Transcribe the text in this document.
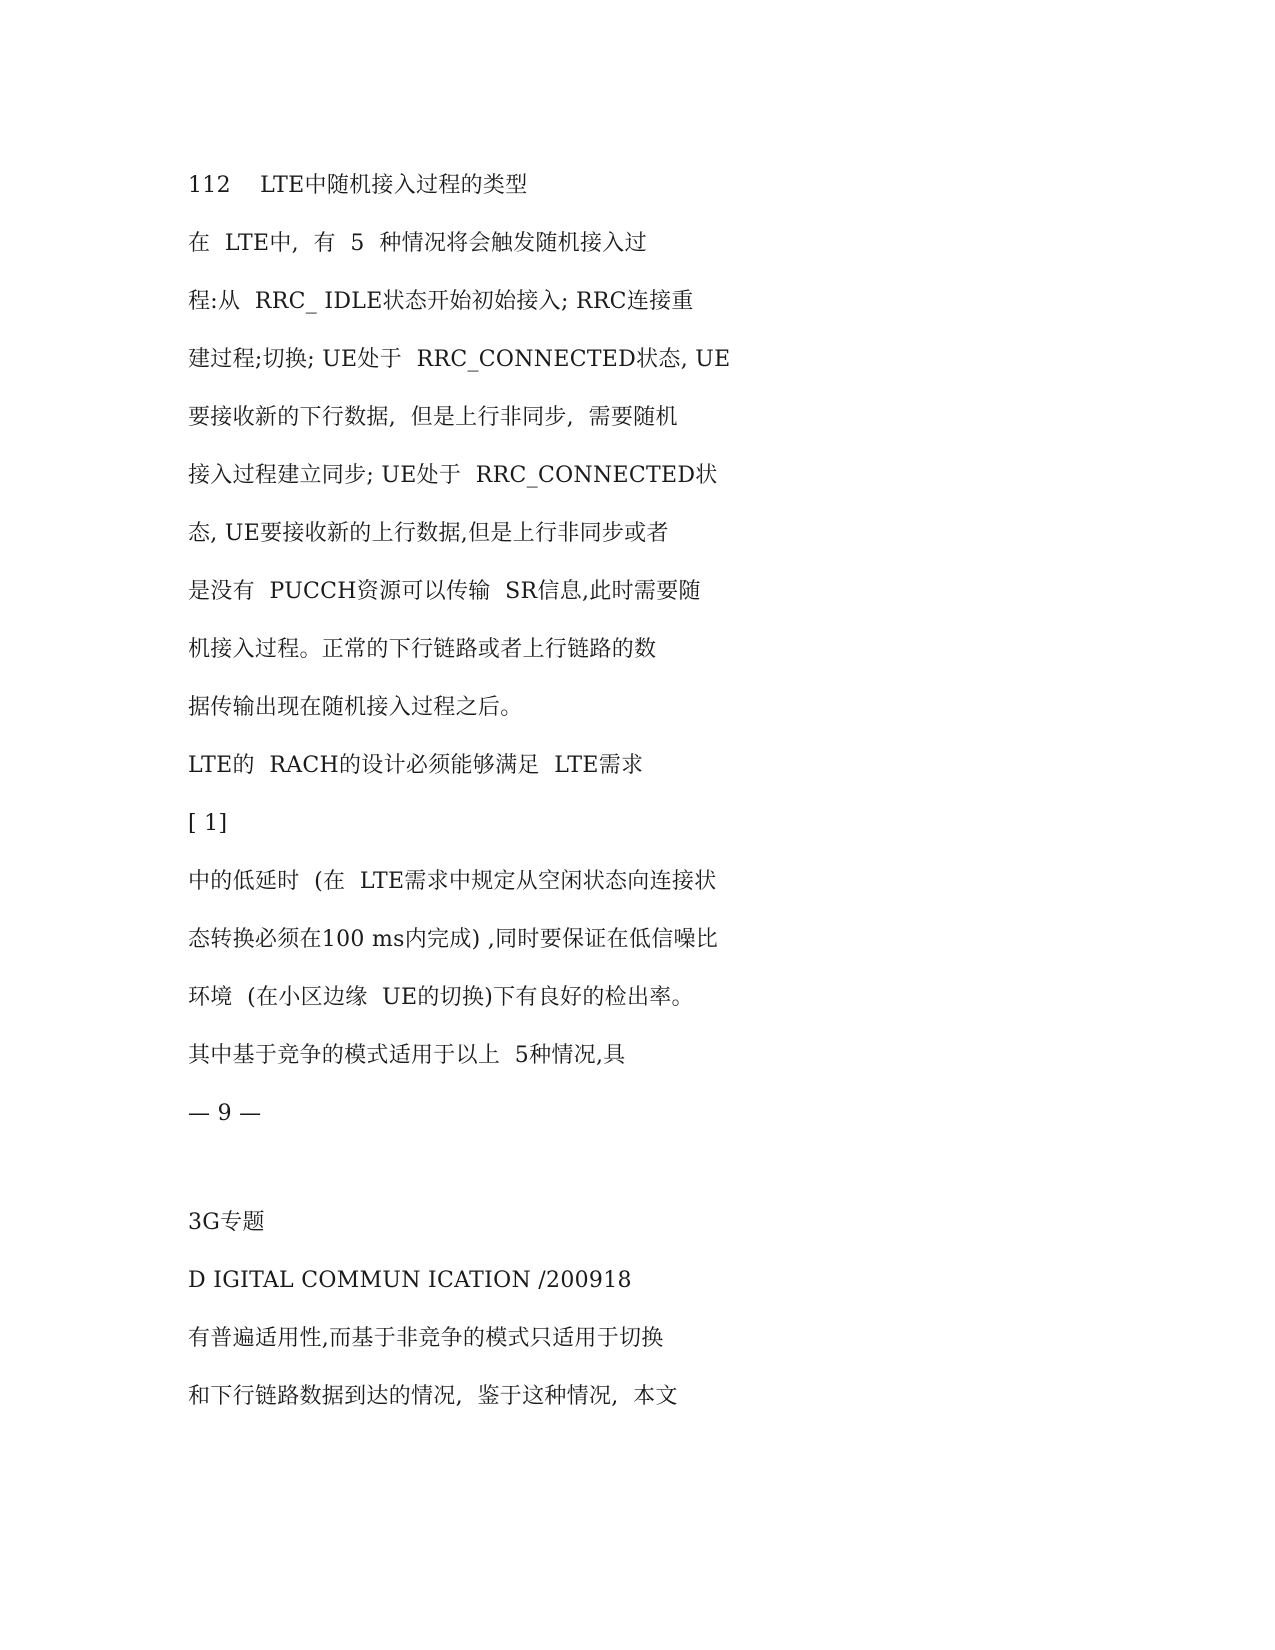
112    LTE中随机接入过程的类型
在  LTE中,  有  5  种情况将会触发随机接入过
程:从  RRC_ IDLE状态开始初始接入; RRC连接重
建过程;切换; UE处于  RRC_CONNECTED状态, UE
要接收新的下行数据,  但是上行非同步,  需要随机
接入过程建立同步; UE处于  RRC_CONNECTED状
态, UE要接收新的上行数据,但是上行非同步或者
是没有  PUCCH资源可以传输  SR信息,此时需要随
机接入过程。正常的下行链路或者上行链路的数
据传输出现在随机接入过程之后。
LTE的  RACH的设计必须能够满足  LTE需求
[ 1]
中的低延时  (在  LTE需求中规定从空闲状态向连接状
态转换必须在100 ms内完成) ,同时要保证在低信噪比
环境  (在小区边缘  UE的切换)下有良好的检出率。
其中基于竞争的模式适用于以上  5种情况,具
— 9 —
3G专题
D IGITAL COMMUN ICATION /200918
有普遍适用性,而基于非竞争的模式只适用于切换
和下行链路数据到达的情况,  鉴于这种情况,  本文
